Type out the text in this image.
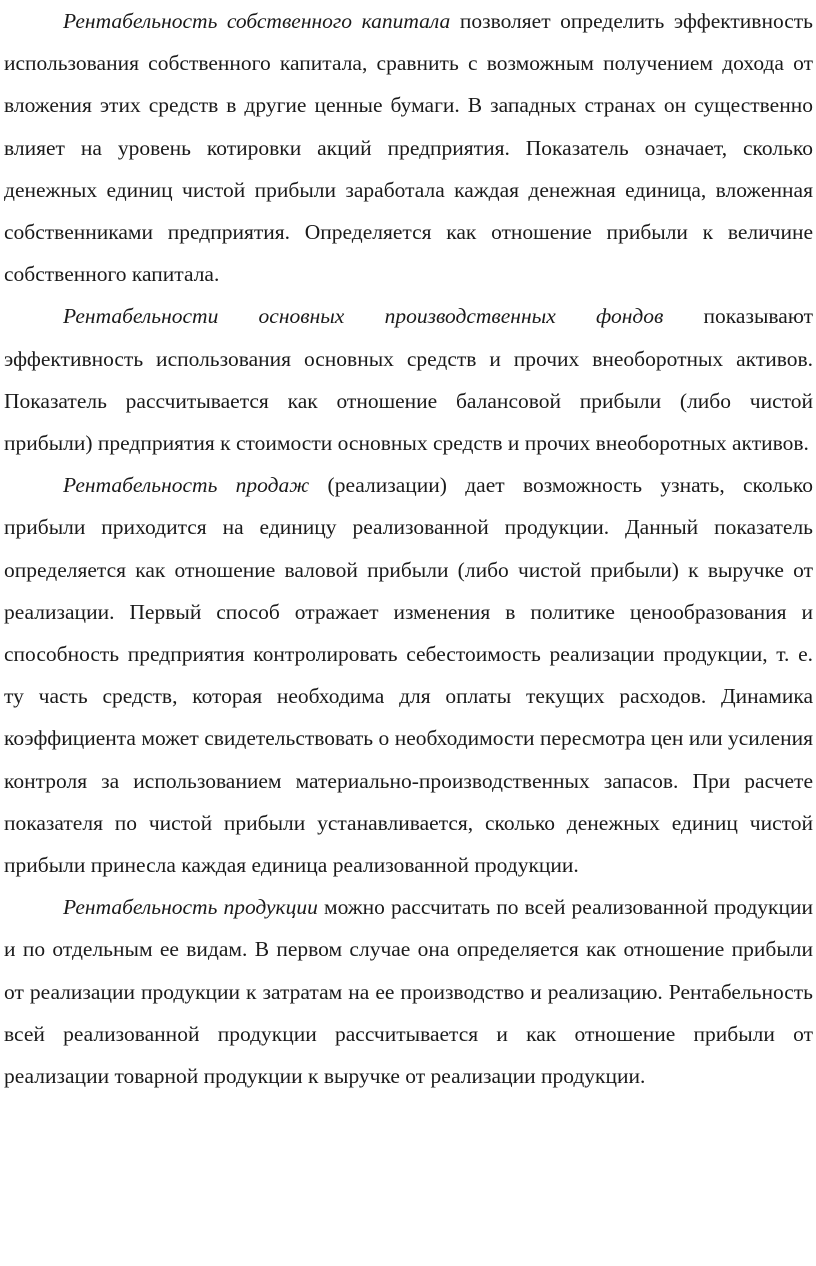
Рентабельность собственного капитала позволяет определить эффективность использования собственного капитала, сравнить с возможным получением дохода от вложения этих средств в другие ценные бумаги. В западных странах он существенно влияет на уровень котировки акций предприятия. Показатель означает, сколько денежных единиц чистой прибыли заработала каждая денежная единица, вложенная собственниками предприятия. Определяется как отношение прибыли к величине собственного капитала.

Рентабельности основных производственных фондов показывают эффективность использования основных средств и прочих внеоборотных активов. Показатель рассчитывается как отношение балансовой прибыли (либо чистой прибыли) предприятия к стоимости основных средств и прочих внеоборотных активов.

Рентабельность продаж (реализации) дает возможность узнать, сколько прибыли приходится на единицу реализованной продукции. Данный показатель определяется как отношение валовой прибыли (либо чистой прибыли) к выручке от реализации. Первый способ отражает изменения в политике ценообразования и способность предприятия контролировать себестоимость реализации продукции, т. е. ту часть средств, которая необходима для оплаты текущих расходов. Динамика коэффициента может свидетельствовать о необходимости пересмотра цен или усиления контроля за использованием материально-производственных запасов. При расчете показателя по чистой прибыли устанавливается, сколько денежных единиц чистой прибыли принесла каждая единица реализованной продукции.

Рентабельность продукции можно рассчитать по всей реализованной продукции и по отдельным ее видам. В первом случае она определяется как отношение прибыли от реализации продукции к затратам на ее производство и реализацию. Рентабельность всей реализованной продукции рассчитывается и как отношение прибыли от реализации товарной продукции к выручке от реализации продукции.
